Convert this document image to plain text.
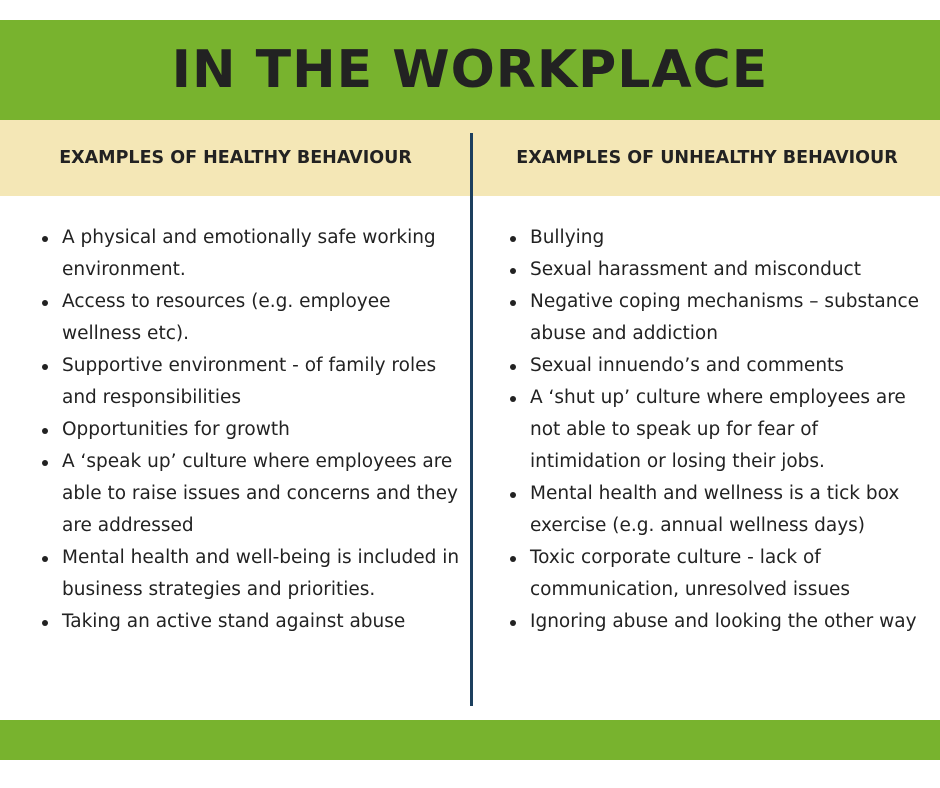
IN THE WORKPLACE
EXAMPLES OF HEALTHY BEHAVIOUR	EXAMPLES OF UNHEALTHY BEHAVIOUR
A physical and emotionally safe working environment.
Access to resources (e.g. employee wellness etc).
Supportive environment - of family roles and responsibilities
Opportunities for growth
A ‘speak up’ culture where employees are able to raise issues and concerns and they are addressed
Mental health and well-being is included in business strategies and priorities.
Taking an active stand against abuse
Bullying
Sexual harassment and misconduct
Negative coping mechanisms – substance abuse and addiction
Sexual innuendo’s and comments
A ‘shut up’ culture where employees are not able to speak up for fear of intimidation or losing their jobs.
Mental health and wellness is a tick box exercise (e.g. annual wellness days)
Toxic corporate culture - lack of communication, unresolved issues
Ignoring abuse and looking the other way
